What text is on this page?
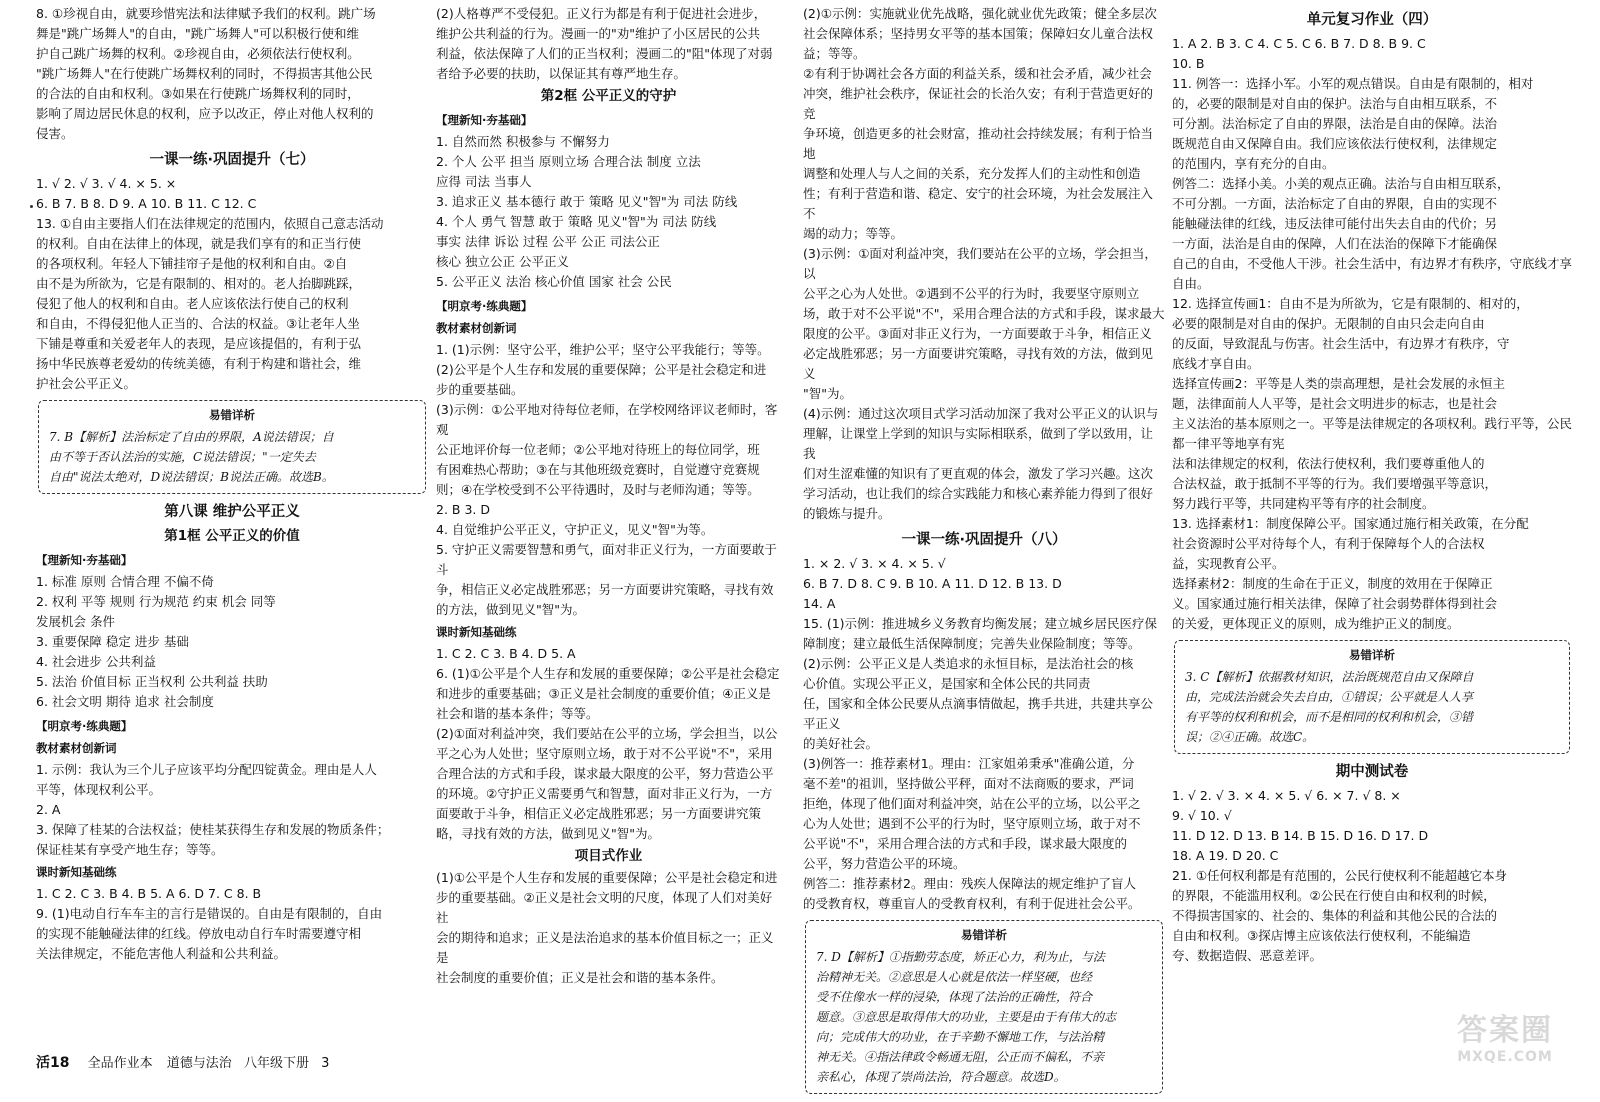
8. ①珍视自由，就要珍惜宪法和法律赋予我们的权利。跳广场

舞是"跳广场舞人"的自由，"跳广场舞人"可以积极行使和维

护自己跳广场舞的权利。②珍视自由，必须依法行使权利。

"跳广场舞人"在行使跳广场舞权利的同时，不得损害其他公民

的合法的自由和权利。③如果在行使跳广场舞权利的同时，

影响了周边居民休息的权利，应予以改正，停止对他人权利的

侵害。

一课一练·巩固提升（七）

1. √ 2. √ 3. √ 4. × 5. ×

6. B 7. B 8. D 9. A 10. B 11. C 12. C

13. ①自由主要指人们在法律规定的范围内，依照自己意志活动

的权利。自由在法律上的体现，就是我们享有的和正当行使

的各项权利。年轻人下铺挂帘子是他的权利和自由。②自

由不是为所欲为，它是有限制的、相对的。老人抬脚跳踩，

侵犯了他人的权利和自由。老人应该依法行使自己的权利

和自由，不得侵犯他人正当的、合法的权益。③让老年人坐

下铺是尊重和关爱老年人的表现，是应该提倡的，有利于弘

扬中华民族尊老爱幼的传统美德，有利于构建和谐社会，维

护社会公平正义。

易错详析

7. B【解析】法治标定了自由的界限，A说法错误；自

由不等于否认法治的实施，C说法错误；"一定失去

自由"说法太绝对，D说法错误；B说法正确。故选B。

第八课 维护公平正义
第1框 公平正义的价值
【理新知·夯基础】

1. 标准 原则 合情合理 不偏不倚

2. 权利 平等 规则 行为规范 约束 机会 同等

发展机会 条件

3. 重要保障 稳定 进步 基础

4. 社会进步 公共利益

5. 法治 价值目标 正当权利 公共利益 扶助

6. 社会文明 期待 追求 社会制度

【明京考·练典题】
教材素材创新词

1. 示例：我认为三个儿子应该平均分配四锭黄金。理由是人人

平等，体现权利公平。

2. A

3. 保障了桂某的合法权益；使桂某获得生存和发展的物质条件；

保证桂某有享受产地生存；等等。

课时新知基础练

1. C 2. C 3. B 4. B 5. A 6. D 7. C 8. B

9. (1)电动自行车车主的言行是错误的。自由是有限制的，自由

的实现不能触碰法律的红线。停放电动自行车时需要遵守相

关法律规定，不能危害他人利益和公共利益。

(2)人格尊严不受侵犯。正义行为都是有利于促进社会进步，

维护公共利益的行为。漫画一的"劝"维护了小区居民的公共

利益，依法保障了人们的正当权利；漫画二的"阻"体现了对弱

者给予必要的扶助，以保证其有尊严地生存。

第2框 公平正义的守护
【理新知·夯基础】

1. 自然而然 积极参与 不懈努力

2. 个人 公平 担当 原则立场 合理合法 制度 立法

应得 司法 当事人

3. 追求正义 基本德行 敢于 策略 见义"智"为 司法 防线

4. 个人 勇气 智慧 敢于 策略 见义"智"为 司法 防线

事实 法律 诉讼 过程 公平 公正 司法公正

核心 独立公正 公平正义

5. 公平正义 法治 核心价值 国家 社会 公民

【明京考·练典题】
教材素材创新词

1. (1)示例：坚守公平，维护公平；坚守公平我能行；等等。

(2)公平是个人生存和发展的重要保障；公平是社会稳定和进

步的重要基础。

(3)示例：①公平地对待每位老师，在学校网络评议老师时，客观

公正地评价每一位老师；②公平地对待班上的每位同学，班

有困难热心帮助；③在与其他班级竞赛时，自觉遵守竞赛规

则；④在学校受到不公平待遇时，及时与老师沟通；等等。

2. B 3. D

4. 自觉维护公平正义，守护正义，见义"智"为等。

5. 守护正义需要智慧和勇气，面对非正义行为，一方面要敢于斗

争，相信正义必定战胜邪恶；另一方面要讲究策略，寻找有效

的方法，做到见义"智"为。

课时新知基础练

1. C 2. C 3. B 4. D 5. A

6. (1)①公平是个人生存和发展的重要保障；②公平是社会稳定

和进步的重要基础；③正义是社会制度的重要价值；④正义是

社会和谐的基本条件；等等。

(2)①面对利益冲突，我们要站在公平的立场，学会担当，以公

平之心为人处世；坚守原则立场，敢于对不公平说"不"，采用

合理合法的方式和手段，谋求最大限度的公平，努力营造公平

的环境。②守护正义需要勇气和智慧，面对非正义行为，一方

面要敢于斗争，相信正义必定战胜邪恶；另一方面要讲究策

略，寻找有效的方法，做到见义"智"为。

项目式作业

(1)①公平是个人生存和发展的重要保障；公平是社会稳定和进

步的重要基础。②正义是社会文明的尺度，体现了人们对美好社

会的期待和追求；正义是法治追求的基本价值目标之一；正义是

社会制度的重要价值；正义是社会和谐的基本条件。

(2)①示例：实施就业优先战略，强化就业优先政策；健全多层次

社会保障体系；坚持男女平等的基本国策；保障妇女儿童合法权

益；等等。

②有利于协调社会各方面的利益关系，缓和社会矛盾，减少社会

冲突，维护社会秩序，保证社会的长治久安；有利于营造更好的竞

争环境，创造更多的社会财富，推动社会持续发展；有利于恰当地

调整和处理人与人之间的关系，充分发挥人们的主动性和创造

性；有利于营造和谐、稳定、安宁的社会环境，为社会发展注入不

竭的动力；等等。

(3)示例：①面对利益冲突，我们要站在公平的立场，学会担当，以

公平之心为人处世。②遇到不公平的行为时，我要坚守原则立

场，敢于对不公平说"不"，采用合理合法的方式和手段，谋求最大

限度的公平。③面对非正义行为，一方面要敢于斗争，相信正义

必定战胜邪恶；另一方面要讲究策略，寻找有效的方法，做到见义

"智"为。

(4)示例：通过这次项目式学习活动加深了我对公平正义的认识与

理解，让课堂上学到的知识与实际相联系，做到了学以致用，让我

们对生涩难懂的知识有了更直观的体会，激发了学习兴趣。这次

学习活动，也让我们的综合实践能力和核心素养能力得到了很好

的锻炼与提升。

一课一练·巩固提升（八）

1. × 2. √ 3. × 4. × 5. √

6. B 7. D 8. C 9. B 10. A 11. D 12. B 13. D

14. A

15. (1)示例：推进城乡义务教育均衡发展；建立城乡居民医疗保

障制度；建立最低生活保障制度；完善失业保险制度；等等。

(2)示例：公平正义是人类追求的永恒目标，是法治社会的核

心价值。实现公平正义，是国家和全体公民的共同责

任，国家和全体公民要从点滴事情做起，携手共进，共建共享公平正义

的美好社会。

(3)例答一：推荐素材1。理由：江家姐弟秉承"准确公道，分

毫不差"的祖训，坚持做公平秤，面对不法商贩的要求，严词

拒绝，体现了他们面对利益冲突，站在公平的立场，以公平之

心为人处世；遇到不公平的行为时，坚守原则立场，敢于对不

公平说"不"，采用合理合法的方式和手段，谋求最大限度的

公平，努力营造公平的环境。

例答二：推荐素材2。理由：残疾人保障法的规定维护了盲人

的受教育权，尊重盲人的受教育权利，有利于促进社会公平。

易错详析

7. D【解析】①指勤劳态度，矫正心力，利为止，与法

治精神无关。②意思是人心就是依法一样坚硬，也经

受不住像水一样的浸染，体现了法治的正确性，符合

题意。③意思是取得伟大的功业，主要是由于有伟大的志

向；完成伟大的功业，在于辛勤不懈地工作，与法治精

神无关。④指法律政令畅通无阻，公正而不偏私，不亲

亲私心，体现了崇尚法治，符合题意。故选D。

单元复习作业（四）

1. A 2. B 3. C 4. C 5. C 6. B 7. D 8. B 9. C

10. B

11. 例答一：选择小军。小军的观点错误。自由是有限制的，相对

的，必要的限制是对自由的保护。法治与自由相互联系，不

可分割。法治标定了自由的界限，法治是自由的保障。法治

既规范自由又保障自由。我们应该依法行使权利，法律规定

的范围内，享有充分的自由。

例答二：选择小美。小美的观点正确。法治与自由相互联系，

不可分割。一方面，法治标定了自由的界限，自由的实现不

能触碰法律的红线，违反法律可能付出失去自由的代价；另

一方面，法治是自由的保障，人们在法治的保障下才能确保

自己的自由，不受他人干涉。社会生活中，有边界才有秩序，守底线才享

自由。

12. 选择宣传画1：自由不是为所欲为，它是有限制的、相对的，

必要的限制是对自由的保护。无限制的自由只会走向自由

的反面，导致混乱与伤害。社会生活中，有边界才有秩序，守

底线才享自由。

选择宣传画2：平等是人类的崇高理想，是社会发展的永恒主

题，法律面前人人平等，是社会文明进步的标志，也是社会

主义法治的基本原则之一。平等是法律规定的各项权利。践行平等，公民都一律平等地享有宪

法和法律规定的权利，依法行使权利，我们要尊重他人的

合法权益，敢于抵制不平等的行为。我们要增强平等意识，

努力践行平等，共同建构平等有序的社会制度。

13. 选择素材1：制度保障公平。国家通过施行相关政策，在分配

社会资源时公平对待每个人，有利于保障每个人的合法权

益，实现教育公平。

选择素材2：制度的生命在于正义，制度的效用在于保障正

义。国家通过施行相关法律，保障了社会弱势群体得到社会

的关爱，更体现正义的原则，成为维护正义的制度。

易错详析

3. C【解析】依据教材知识，法治既规范自由又保障自

由，完成法治就会失去自由，①错误；公平就是人人享

有平等的权利和机会，而不是相同的权利和机会，③错

误；②④正确。故选C。

期中测试卷

1. √ 2. √ 3. × 4. × 5. √ 6. × 7. √ 8. ×

9. √ 10. √

11. D 12. D 13. B 14. B 15. D 16. D 17. D

18. A 19. D 20. C

21. ①任何权利都是有范围的，公民行使权利不能超越它本身

的界限，不能滥用权利。②公民在行使自由和权利的时候，

不得损害国家的、社会的、集体的利益和其他公民的合法的

自由和权利。③探店博主应该依法行使权利，不能编造

夸、数据造假、恶意差评。

活18 全品作业本 道德与法治 八年级下册 3
答案圈
MXQE.COM
